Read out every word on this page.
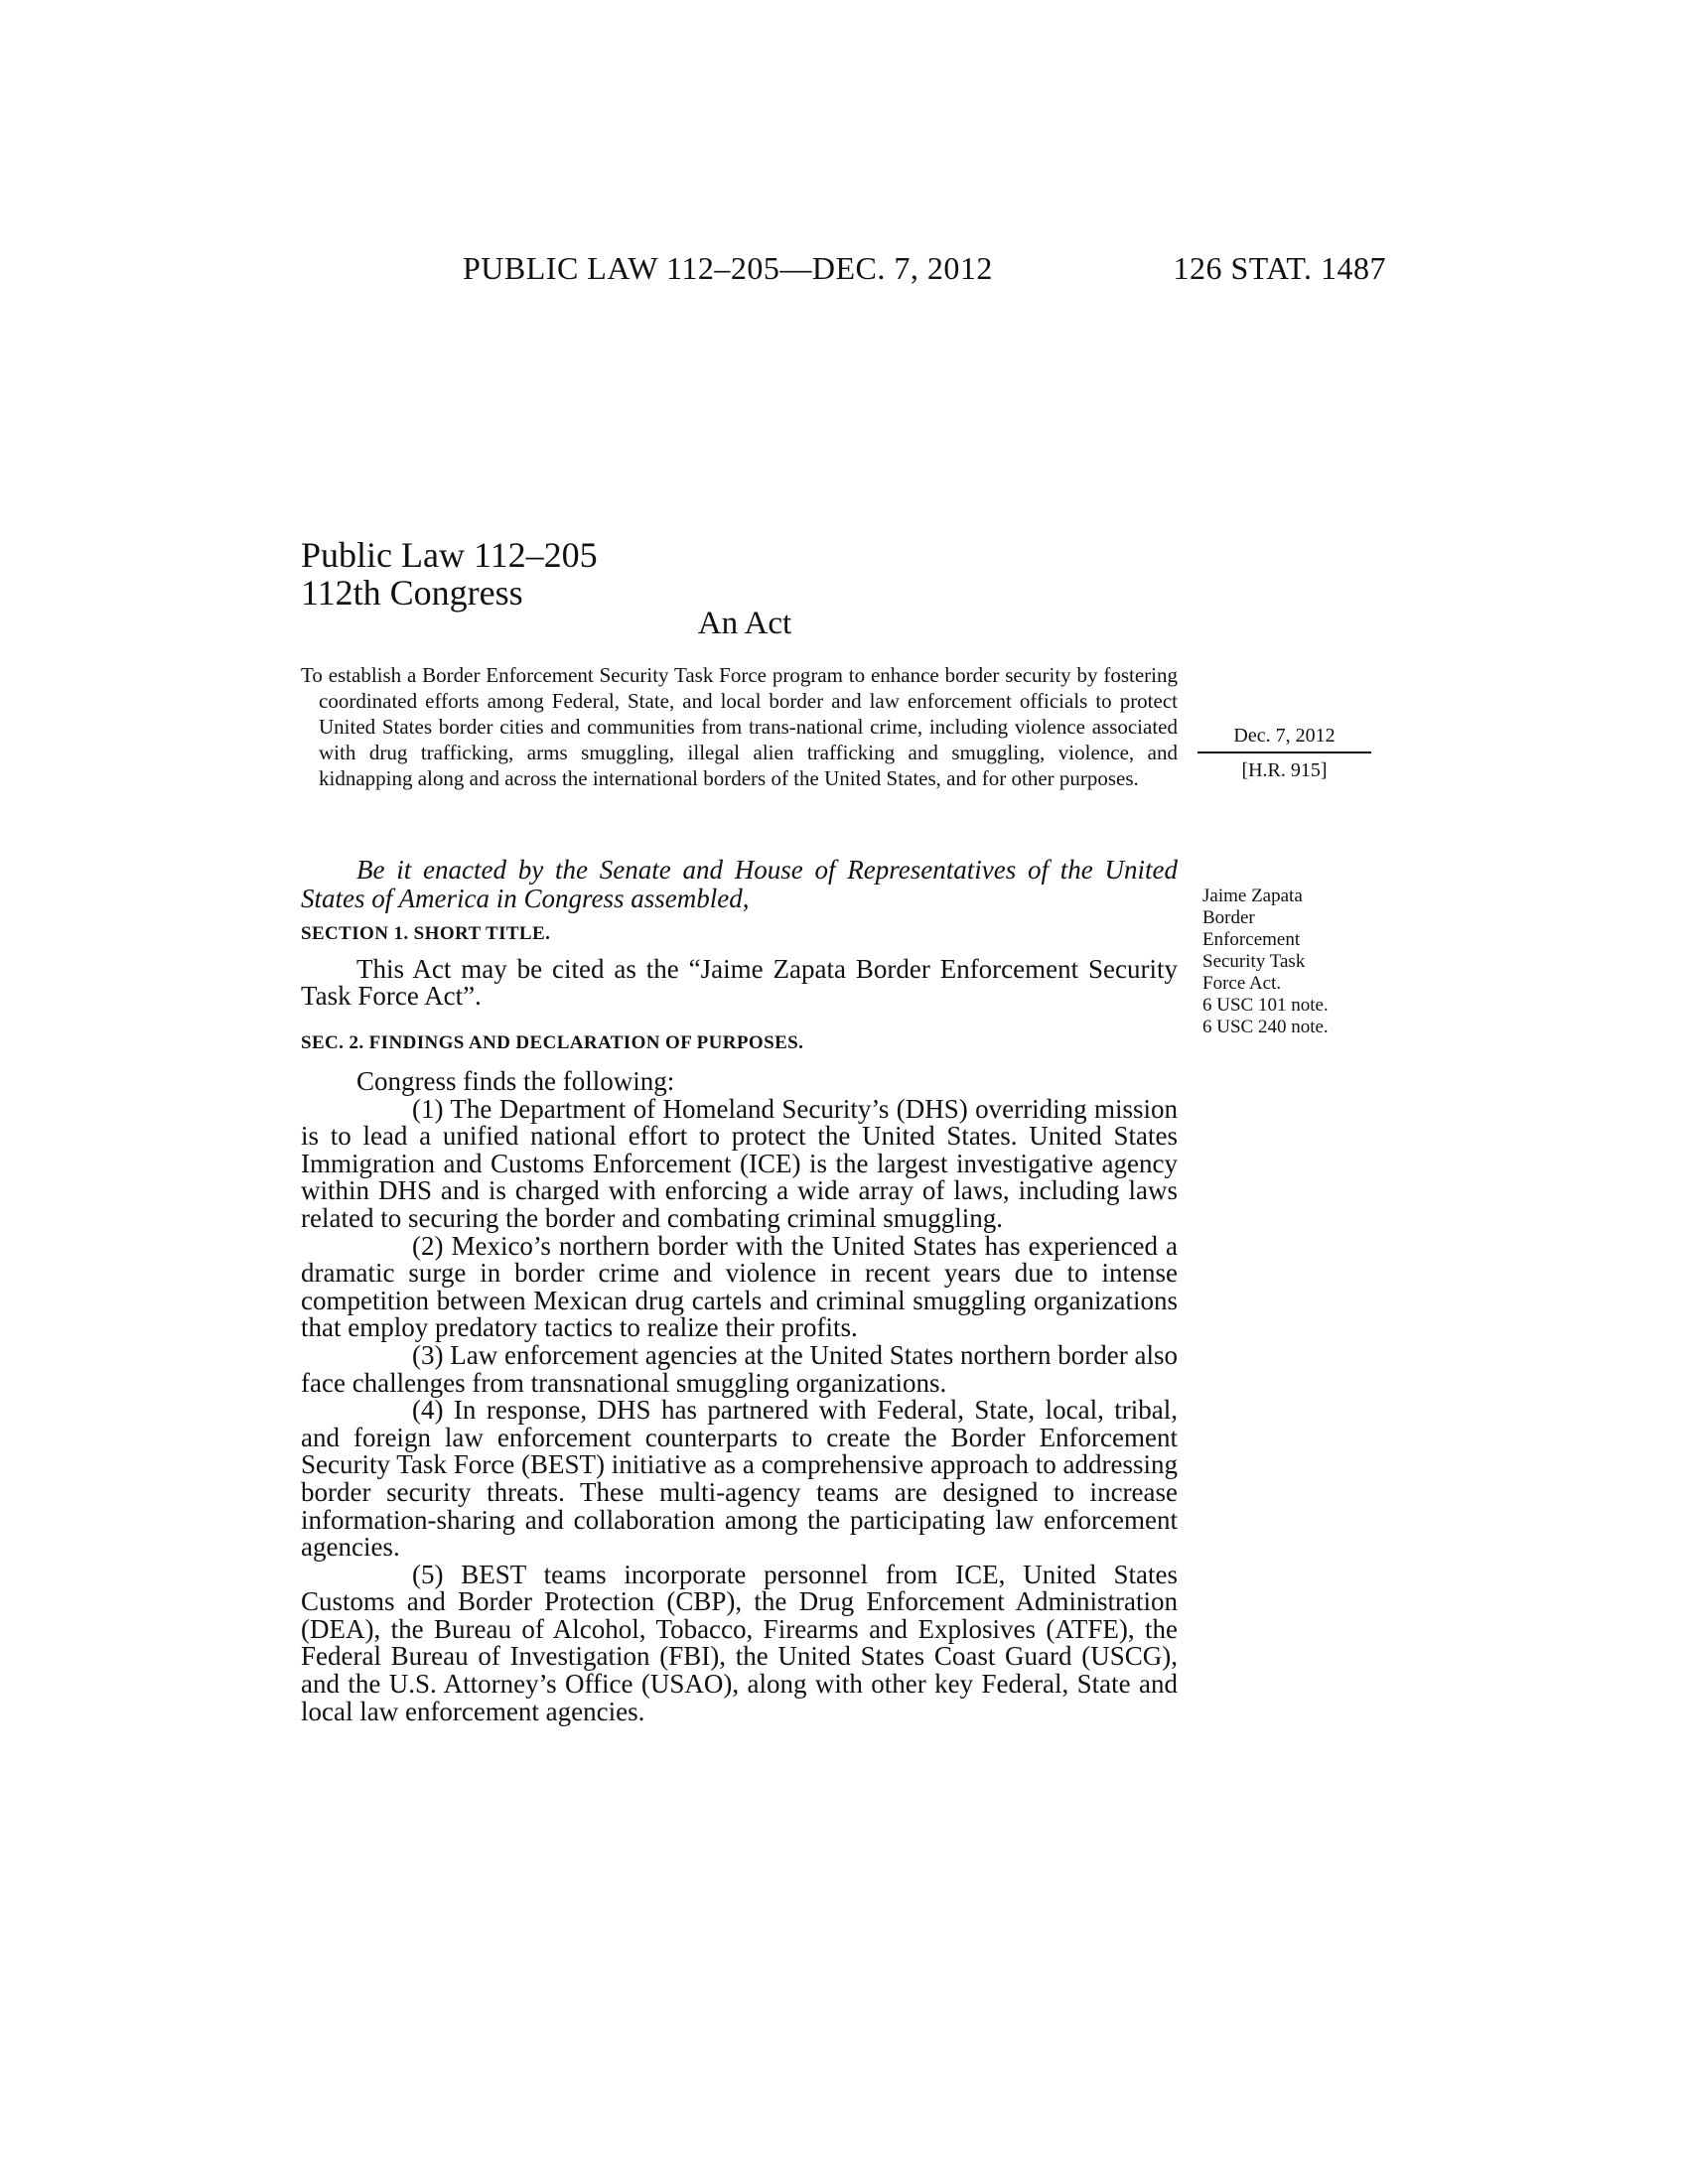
PUBLIC LAW 112–205—DEC. 7, 2012	126 STAT. 1487
Public Law 112–205
112th Congress
An Act
To establish a Border Enforcement Security Task Force program to enhance border security by fostering coordinated efforts among Federal, State, and local border and law enforcement officials to protect United States border cities and communities from trans-national crime, including violence associated with drug trafficking, arms smuggling, illegal alien trafficking and smuggling, violence, and kidnapping along and across the international borders of the United States, and for other purposes.
Dec. 7, 2012
[H.R. 915]
Jaime Zapata
Border
Enforcement
Security Task
Force Act.
6 USC 101 note.
6 USC 240 note.
Be it enacted by the Senate and House of Representatives of the United States of America in Congress assembled,
SECTION 1. SHORT TITLE.
This Act may be cited as the “Jaime Zapata Border Enforcement Security Task Force Act”.
SEC. 2. FINDINGS AND DECLARATION OF PURPOSES.

Congress finds the following:

(1) The Department of Homeland Security’s (DHS) overriding mission is to lead a unified national effort to protect the United States. United States Immigration and Customs Enforcement (ICE) is the largest investigative agency within DHS and is charged with enforcing a wide array of laws, including laws related to securing the border and combating criminal smuggling.

(2) Mexico’s northern border with the United States has experienced a dramatic surge in border crime and violence in recent years due to intense competition between Mexican drug cartels and criminal smuggling organizations that employ predatory tactics to realize their profits.

(3) Law enforcement agencies at the United States northern border also face challenges from transnational smuggling organizations.

(4) In response, DHS has partnered with Federal, State, local, tribal, and foreign law enforcement counterparts to create the Border Enforcement Security Task Force (BEST) initiative as a comprehensive approach to addressing border security threats. These multi-agency teams are designed to increase information-sharing and collaboration among the participating law enforcement agencies.

(5) BEST teams incorporate personnel from ICE, United States Customs and Border Protection (CBP), the Drug Enforcement Administration (DEA), the Bureau of Alcohol, Tobacco, Firearms and Explosives (ATFE), the Federal Bureau of Investigation (FBI), the United States Coast Guard (USCG), and the U.S. Attorney’s Office (USAO), along with other key Federal, State and local law enforcement agencies.
